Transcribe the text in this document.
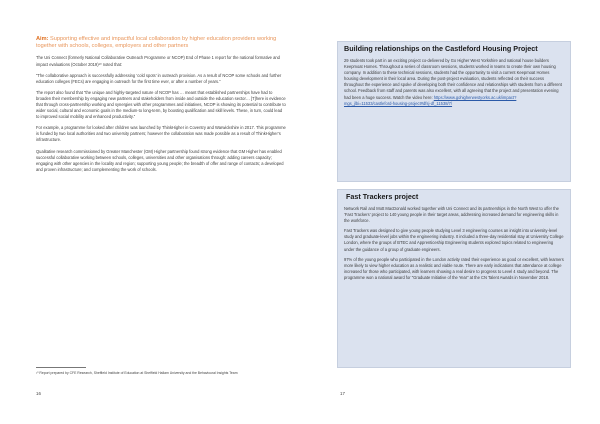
Aim: Supporting effective and impactful local collaboration by higher education providers working together with schools, colleges, employers and other partners

The Uni Connect (formerly National Collaborative Outreach Programme or NCOP) End of Phase 1 report for the national formative and impact evaluations (October 2019)¹⁰ noted that:

“The collaborative approach is successfully addressing ‘cold spots’ in outreach provision. As a result of NCOP some schools and further education colleges (FECs) are engaging in outreach for the first time ever, or after a number of years.”

The report also found that “the unique and highly-targeted nature of NCOP has … meant that established partnerships have had to broaden their membership by engaging new partners and stakeholders from inside and outside the education sector… [T]here is evidence that through cross-partnership working and synergies with other programmes and initiatives, NCOP is showing its potential to contribute to wider social, cultural and economic goals in the medium-to long-term, by boosting qualification and skill levels. These, in turn, could lead to improved social mobility and enhanced productivity.”

For example, a programme for looked after children was launched by ThinkHigher in Coventry and Warwickshire in 2017. This programme is funded by two local authorities and two university partners; however the collaboration was made possible as a result of ThinkHigher’s infrastructure.

Qualitative research commissioned by Greater Manchester (GM) Higher partnership found strong evidence that GM Higher has enabled successful collaborative working between schools, colleges, universities and other organisations through: adding careers capacity; engaging with other agencies in the locality and region; supporting young people; the breadth of offer and range of contacts; a developed and proven infrastructure; and complementing the work of schools.

¹⁰ Report prepared by CFE Research, Sheffield Institute of Education at Sheffield Hallam University and the Behavioural Insights Team
16
Building relationships on the Castleford Housing Project

29 students took part in an exciting project co-delivered by Go Higher West Yorkshire and national house builders Keepmoat Homes. Throughout a series of classroom sessions, students worked in teams to create their own housing company. In addition to these technical sessions, students had the opportunity to visit a current Keepmoat Homes housing development in their local area. During the post-project evaluation, students reflected on their success throughout the experience and spoke of developing both their confidence and relationships with students from a different school. Feedback from staff and parents was also excellent, with all agreeing that the project and presentation evening had been a huge success. Watch the video here: https://www.gohigherwestyorks.ac.uk/impact?mgs_jlbi=11533/castleford-housing-project#dfsj-df_11538/7/

Fast Trackers project

Network Rail and Mott MacDonald worked together with Uni Connect and its partnerships in the North West to offer the ‘Fast Trackers’ project to 140 young people in their target areas, addressing increased demand for engineering skills in the workforce.

Fast Trackers was designed to give young people studying Level 3 engineering courses an insight into university-level study and graduate-level jobs within the engineering industry. It included a three-day residential stay at University College London, where the groups of BTEC and Apprenticeship Engineering students explored topics related to engineering under the guidance of a group of graduate engineers.

97% of the young people who participated in the London activity rated their experience as good or excellent, with learners more likely to view higher education as a realistic and viable route. There are early indications that attendance at college increased for those who participated, with learners showing a real desire to progress to Level 4 study and beyond. The programme won a national award for “Graduate Initiative of the Year” at the CN Talent Awards in November 2018.

17
